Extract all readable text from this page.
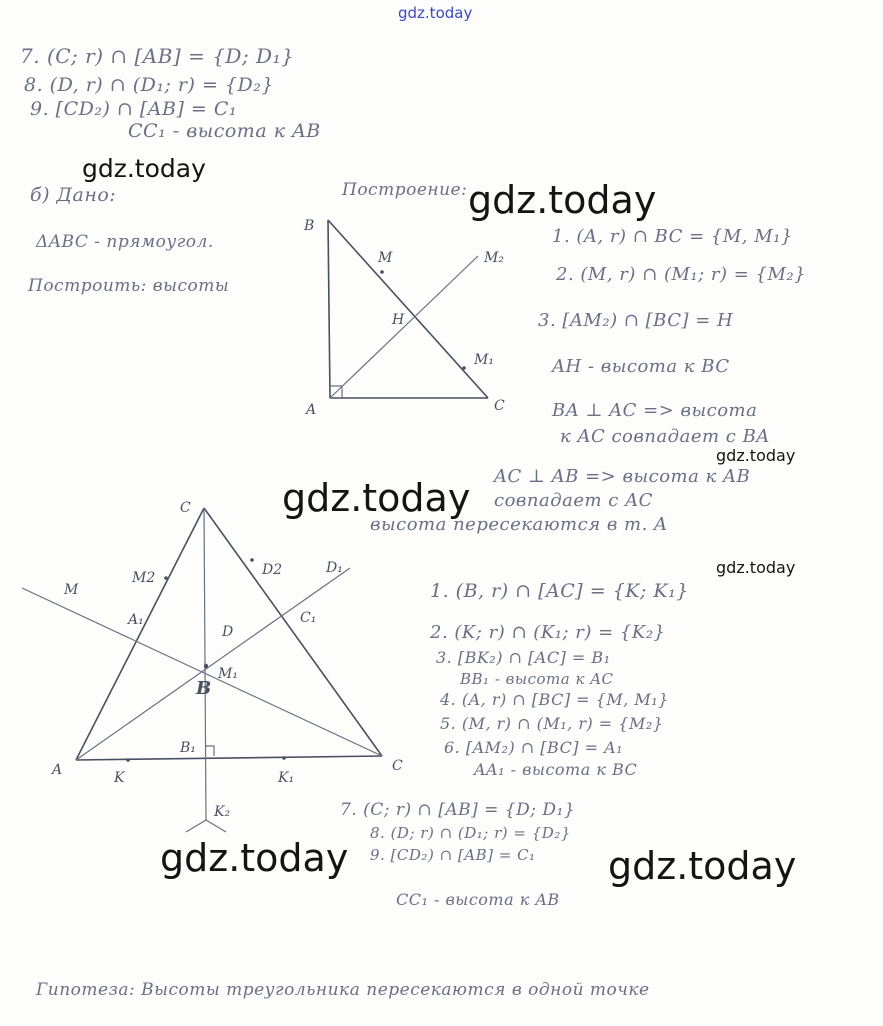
gdz.today
7. (C; r) ∩ [AB] = {D; D₁}
8. (D, r) ∩ (D₁; r) = {D₂}
9. [CD₂) ∩ [AB] = C₁
CC₁ - высота к AB
gdz.today
gdz.today
б) Дано:
ΔABC - прямоугол.
Построить: высоты
Построение:
1. (A, r) ∩ BC = {M, M₁}
2. (M, r) ∩ (M₁; r) = {M₂}
3. [AM₂) ∩ [BC] = H
AH - высота к BC
BA ⊥ AC => высота
к AC совпадает с BA
gdz.today
AC ⊥ AB => высота к AB
gdz.today совпадает с AC
высота пересекаются в т. A
gdz.today
1. (B, r) ∩ [AC] = {K; K₁}
2. (K; r) ∩ (K₁; r) = {K₂}
3. [BK₂) ∩ [AC] = B₁
BB₁ - высота к AC
4. (A, r) ∩ [BC] = {M, M₁}
5. (M, r) ∩ (M₁, r) = {M₂}
6. [AM₂) ∩ [BC] = A₁
AA₁ - высота к BC
7. (C; r) ∩ [AB] = {D; D₁}
8. (D; r) ∩ (D₁; r) = {D₂}
9. [CD₂) ∩ [AB] = C₁
CC₁ - высота к AB
gdz.today	gdz.today
Гипотеза: Высоты треугольника пересекаются в одной точке
B
A	C
M
M₁
M₂
H
C
A	C
M
M2
A₁
D
D2	D₁
C₁
B
M₁
B₁
K	K₁
K₂
